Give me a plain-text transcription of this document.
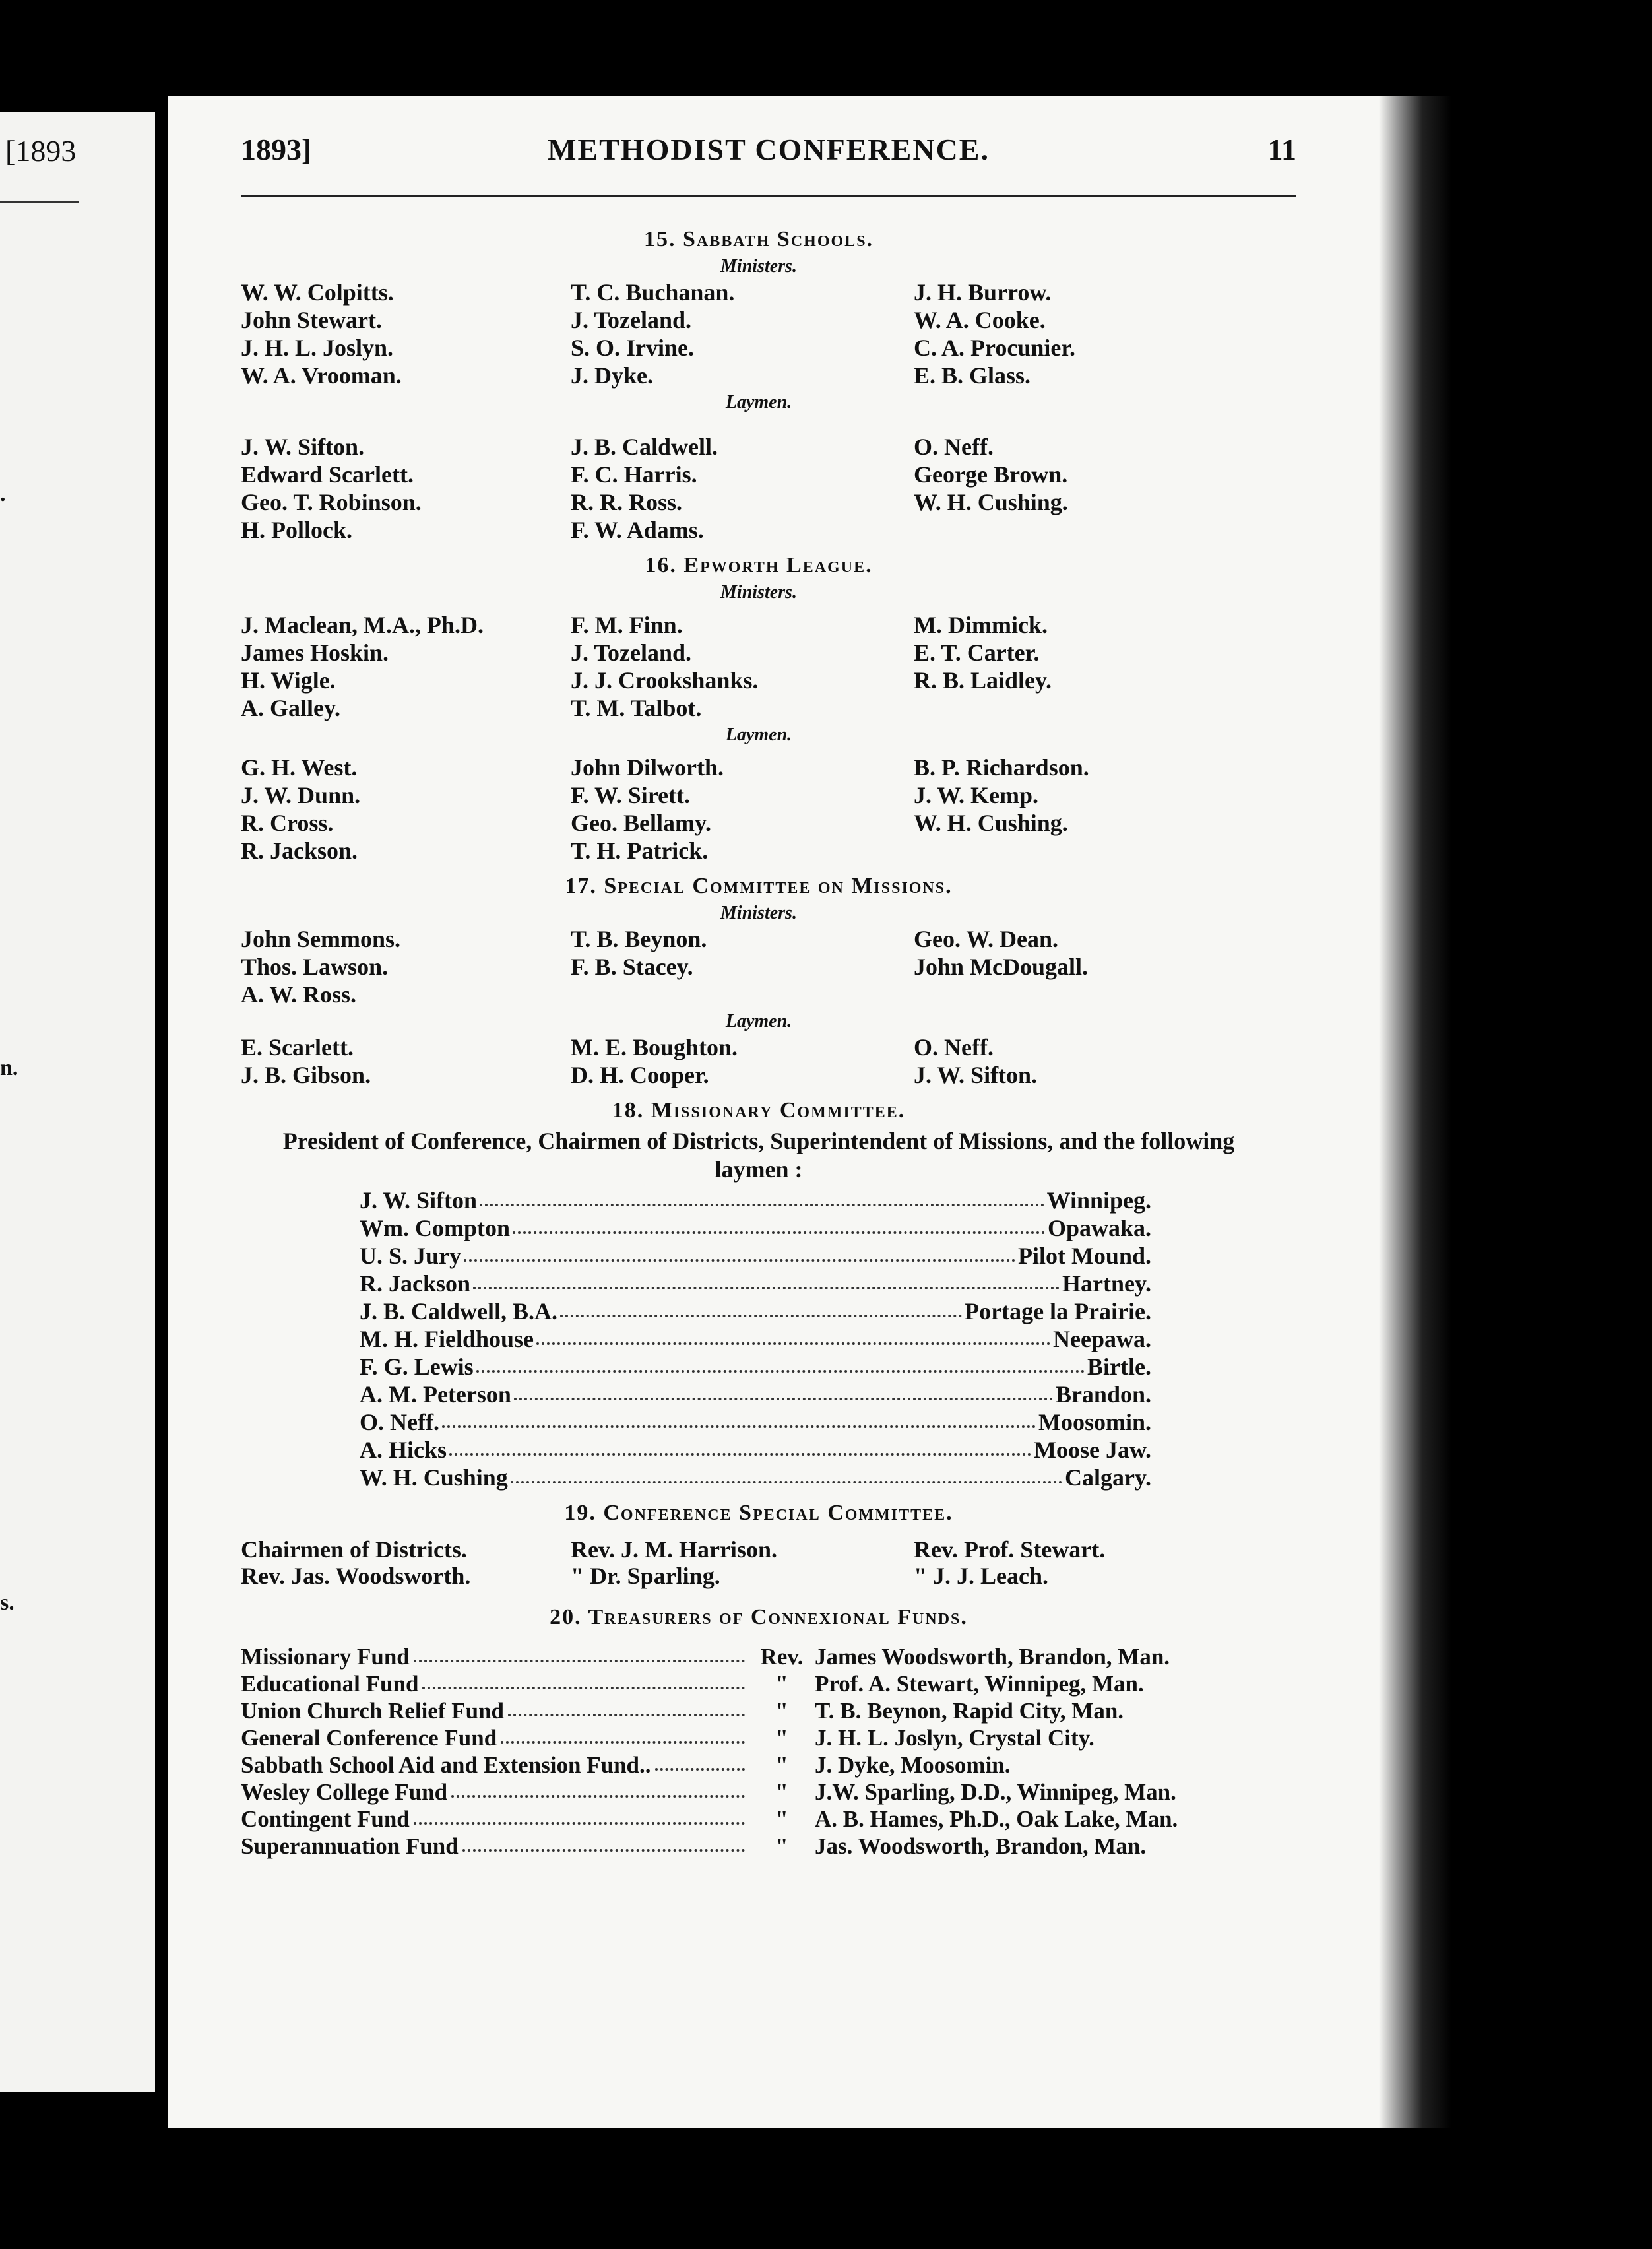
[1893
.
n.
s.
1893]	METHODIST CONFERENCE.	11
15. Sabbath Schools.
Ministers.
W. W. Colpitts.	T. C. Buchanan.	J. H. Burrow.
John Stewart.	J. Tozeland.	W. A. Cooke.
J. H. L. Joslyn.	S. O. Irvine.	C. A. Procunier.
W. A. Vrooman.	J. Dyke.	E. B. Glass.
Laymen.
J. W. Sifton.	J. B. Caldwell.	O. Neff.
Edward Scarlett.	F. C. Harris.	George Brown.
Geo. T. Robinson.	R. R. Ross.	W. H. Cushing.
H. Pollock.	F. W. Adams.
16. Epworth League.
Ministers.
J. Maclean, M.A., Ph.D.	F. M. Finn.	M. Dimmick.
James Hoskin.	J. Tozeland.	E. T. Carter.
H. Wigle.	J. J. Crookshanks.	R. B. Laidley.
A. Galley.	T. M. Talbot.
Laymen.
G. H. West.	John Dilworth.	B. P. Richardson.
J. W. Dunn.	F. W. Sirett.	J. W. Kemp.
R. Cross.	Geo. Bellamy.	W. H. Cushing.
R. Jackson.	T. H. Patrick.
17. Special Committee on Missions.
Ministers.
John Semmons.	T. B. Beynon.	Geo. W. Dean.
Thos. Lawson.	F. B. Stacey.	John McDougall.
A. W. Ross.
Laymen.
E. Scarlett.	M. E. Boughton.	O. Neff.
J. B. Gibson.	D. H. Cooper.	J. W. Sifton.
18. Missionary Committee.
President of Conference, Chairmen of Districts, Superintendent of Missions, and the following laymen :
J. W. Sifton	Winnipeg.
Wm. Compton	Opawaka.
U. S. Jury	Pilot Mound.
R. Jackson	Hartney.
J. B. Caldwell, B.A.	Portage la Prairie.
M. H. Fieldhouse	Neepawa.
F. G. Lewis	Birtle.
A. M. Peterson	Brandon.
O. Neff.	Moosomin.
A. Hicks	Moose Jaw.
W. H. Cushing	Calgary.
19. Conference Special Committee.
Chairmen of Districts.	Rev. J. M. Harrison.	Rev. Prof. Stewart.
Rev. Jas. Woodsworth.	" Dr. Sparling.	" J. J. Leach.
20. Treasurers of Connexional Funds.
Missionary Fund	Rev. James Woodsworth, Brandon, Man.
Educational Fund	"	Prof. A. Stewart, Winnipeg, Man.
Union Church Relief Fund	"	T. B. Beynon, Rapid City, Man.
General Conference Fund	"	J. H. L. Joslyn, Crystal City.
Sabbath School Aid and Extension Fund..	"	J. Dyke, Moosomin.
Wesley College Fund	"	J.W. Sparling, D.D., Winnipeg, Man.
Contingent Fund	"	A. B. Hames, Ph.D., Oak Lake, Man.
Superannuation Fund	"	Jas. Woodsworth, Brandon, Man.
